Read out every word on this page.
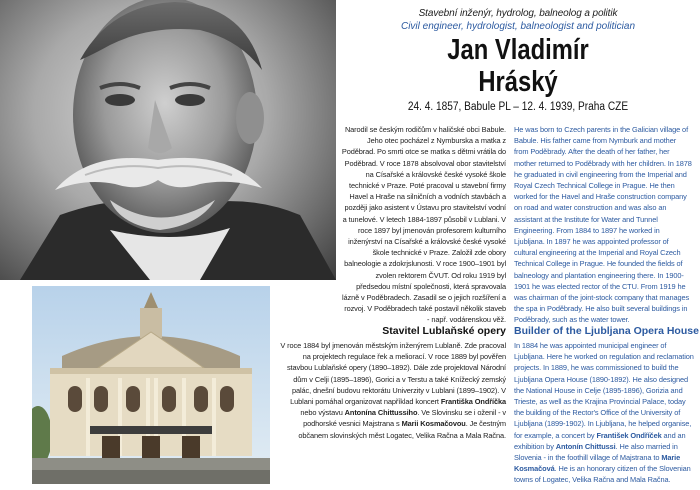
Stavební inženýr, hydrolog, balneolog a politik
Civil engineer, hydrologist, balneologist and politician
Jan Vladimír
Hráský
24. 4. 1857, Babule PL – 12. 4. 1939, Praha CZE
Narodil se českým rodičům v haličské obci Babule. Jeho otec pocházel z Nymburska a matka z Poděbrad. Po smrti otce se matka s dětmi vrátila do Poděbrad. V roce 1878 absolvoval obor stavitelství na Císařské a královské české vysoké škole technické v Praze. Poté pracoval u stavební firmy Havel a Hraše na silničních a vodních stavbách a později jako asistent v Ústavu pro stavitelství vodní a tunelové. V letech 1884-1897 působil v Lublani. V roce 1897 byl jmenován profesorem kulturního inženýrství na Císařské a královské české vysoké škole technické v Praze. Založil zde obory balneologie a zdokrjslunosti. V roce 1900–1901 byl zvolen rektorem ČVUT. Od roku 1919 byl předsedou místní společnosti, která spravovala lázně v Poděbradech. Zasadil se o jejich rozšíření a rozvoj. V Poděbradech také postavil několik staveb - např. vodárenskou věž.
He was born to Czech parents in the Galician village of Babule. His father came from Nymburk and mother from Poděbrady. After the death of her father, her mother returned to Poděbrady with her children. In 1878 he graduated in civil engineering from the Imperial and Royal Czech Technical College in Prague. He then worked for the Havel and Hraše construction company on road and water construction and was also an assistant at the Institute for Water and Tunnel Engineering. From 1884 to 1897 he worked in Ljubljana. In 1897 he was appointed professor of cultural engineering at the Imperial and Royal Czech Technical College in Prague. He founded the fields of balneology and plantation engineering there. In 1900-1901 he was elected rector of the CTU. From 1919 he was chairman of the joint-stock company that manages the spa in Poděbrady. He also built several buildings in Poděbrady, such as the water tower.
Stavitel Lublaňské opery Builder of the Ljubljana Opera House
V roce 1884 byl jmenován městským inženýrem Lublaně. Zde pracoval na projektech regulace řek a meliorací. V roce 1889 byl pověřen stavbou Lublaňské opery (1890–1892). Dále zde projektoval Národní dům v Celji (1895–1896), Gorici a v Terstu a také Knížecký zemský palác, dnešní budovu rektorátu Univerzity v Lublani (1899–1902). V Lublani pomáhal organizovat například koncert Františka Ondříčka nebo výstavu Antonína Chittussiho. Ve Slovinsku se i oženil - v podhorské vesnici Majstrana s Marii Kosmačovou. Je čestným občanem slovinských měst Logatec, Velika Račna a Mala Račna.
In 1884 he was appointed municipal engineer of Ljubljana. Here he worked on regulation and reclamation projects. In 1889, he was commissioned to build the Ljubljana Opera House (1890-1892). He also designed the National House in Celje (1895-1896), Gorizia and Trieste, as well as the Krajina Provincial Palace, today the building of the Rector's Office of the University of Ljubljana (1899-1902). In Ljubljana, he helped organise, for example, a concert by František Ondříček and an exhibition by Antonín Chittussi. He also married in Slovenia - in the foothill village of Majstrana to Marie Kosmačová. He is an honorary citizen of the Slovenian towns of Logatec, Velika Račna and Mala Račna.
